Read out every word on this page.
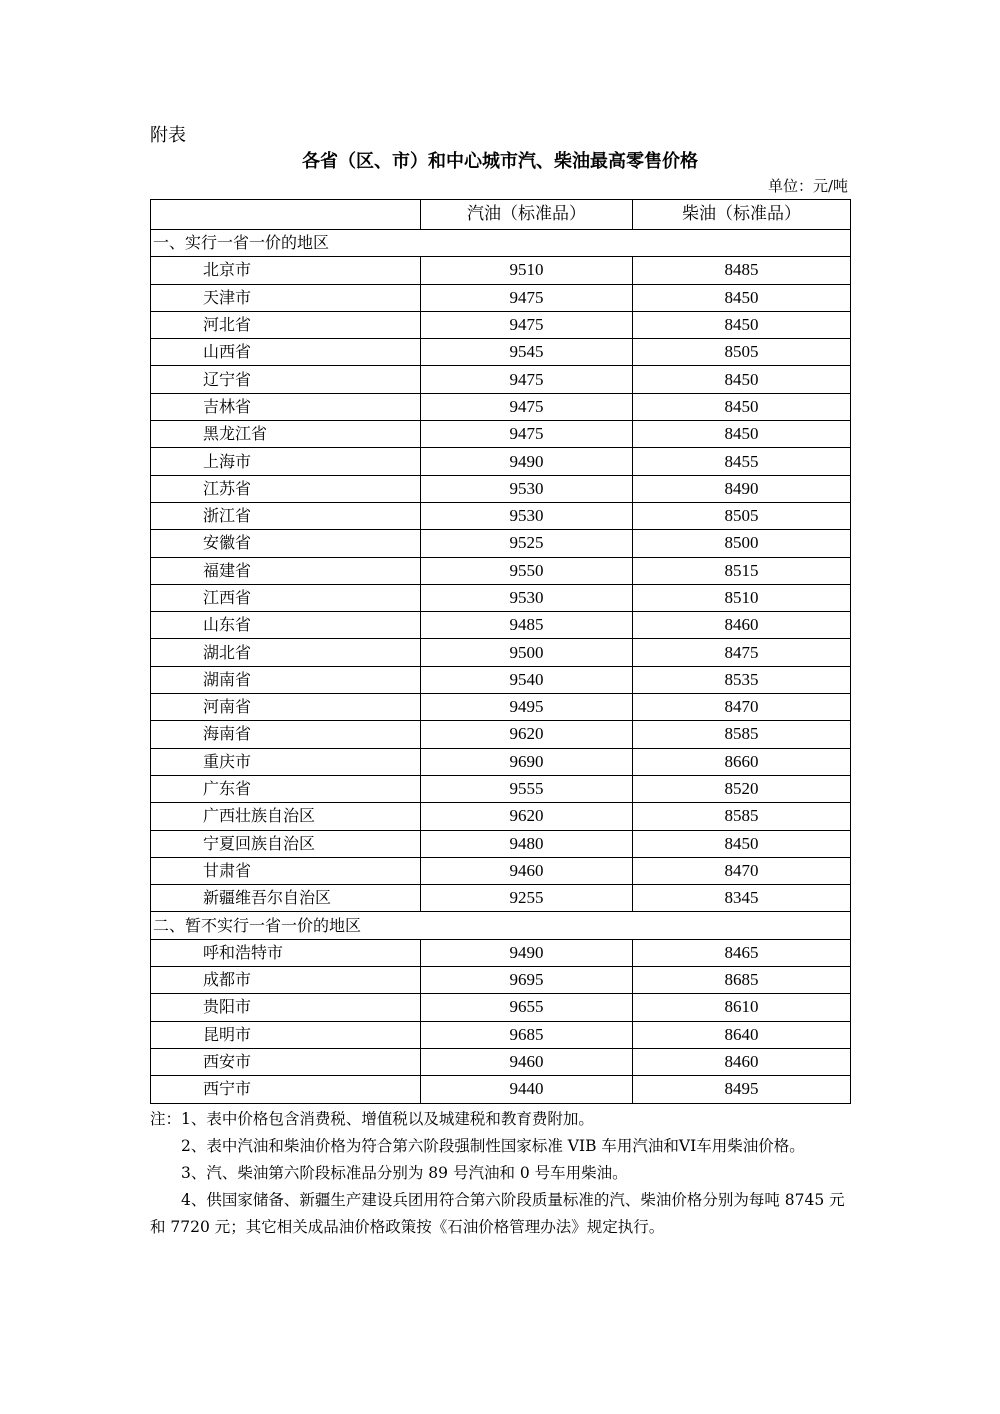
附表
各省（区、市）和中心城市汽、柴油最高零售价格
单位：元/吨
	汽油（标准品）	柴油（标准品）
一、实行一省一价的地区		
北京市	9510	8485
天津市	9475	8450
河北省	9475	8450
山西省	9545	8505
辽宁省	9475	8450
吉林省	9475	8450
黑龙江省	9475	8450
上海市	9490	8455
江苏省	9530	8490
浙江省	9530	8505
安徽省	9525	8500
福建省	9550	8515
江西省	9530	8510
山东省	9485	8460
湖北省	9500	8475
湖南省	9540	8535
河南省	9495	8470
海南省	9620	8585
重庆市	9690	8660
广东省	9555	8520
广西壮族自治区	9620	8585
宁夏回族自治区	9480	8450
甘肃省	9460	8470
新疆维吾尔自治区	9255	8345
二、暂不实行一省一价的地区		
呼和浩特市	9490	8465
成都市	9695	8685
贵阳市	9655	8610
昆明市	9685	8640
西安市	9460	8460
西宁市	9440	8495

注：1、表中价格包含消费税、增值税以及城建税和教育费附加。

2、表中汽油和柴油价格为符合第六阶段强制性国家标准 VIB 车用汽油和VI车用柴油价格。

3、汽、柴油第六阶段标准品分别为 89 号汽油和 0 号车用柴油。

4、供国家储备、新疆生产建设兵团用符合第六阶段质量标准的汽、柴油价格分别为每吨 8745 元和 7720 元；其它相关成品油价格政策按《石油价格管理办法》规定执行。
